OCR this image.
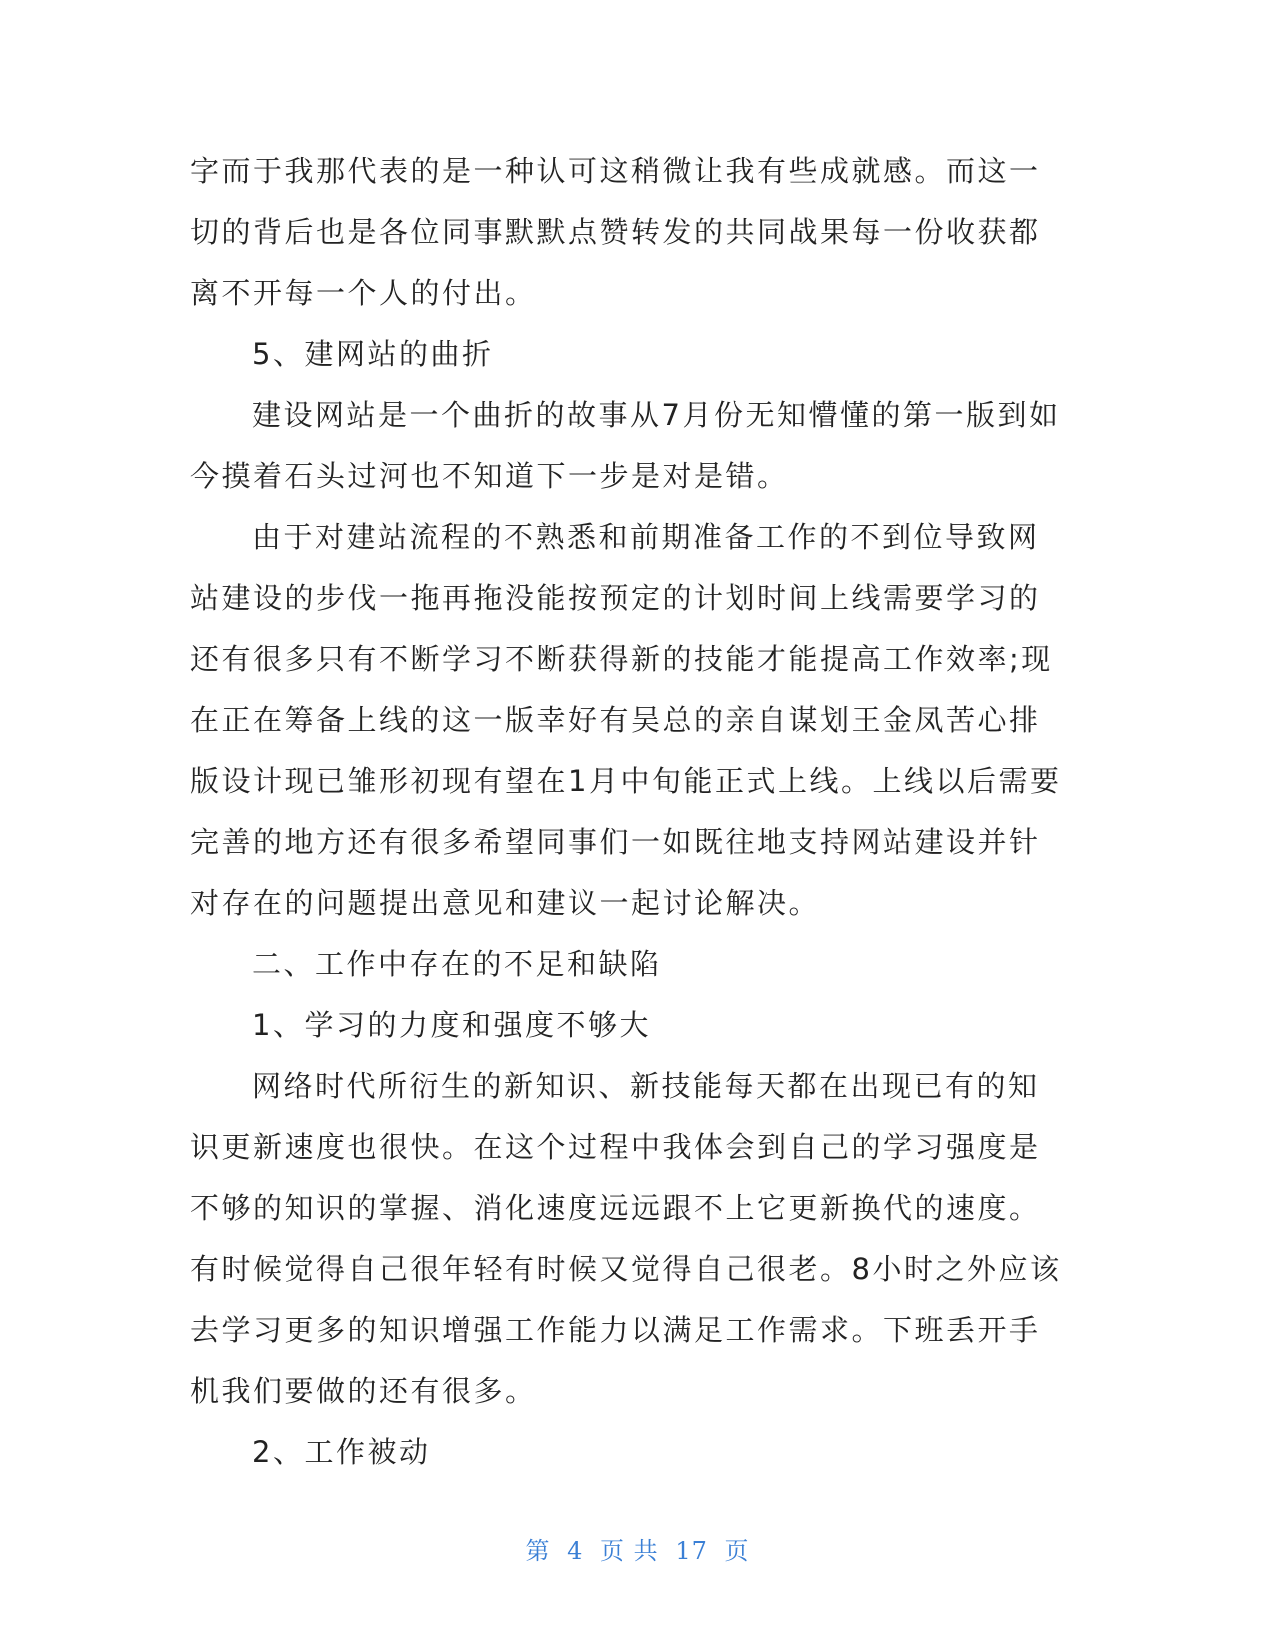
字而于我那代表的是一种认可这稍微让我有些成就感。而这一切的背后也是各位同事默默点赞转发的共同战果每一份收获都离不开每一个人的付出。

5、建网站的曲折

建设网站是一个曲折的故事从7月份无知懵懂的第一版到如今摸着石头过河也不知道下一步是对是错。

由于对建站流程的不熟悉和前期准备工作的不到位导致网站建设的步伐一拖再拖没能按预定的计划时间上线需要学习的还有很多只有不断学习不断获得新的技能才能提高工作效率;现在正在筹备上线的这一版幸好有吴总的亲自谋划王金凤苦心排版设计现已雏形初现有望在1月中旬能正式上线。上线以后需要完善的地方还有很多希望同事们一如既往地支持网站建设并针对存在的问题提出意见和建议一起讨论解决。

二、工作中存在的不足和缺陷

1、学习的力度和强度不够大

网络时代所衍生的新知识、新技能每天都在出现已有的知识更新速度也很快。在这个过程中我体会到自己的学习强度是不够的知识的掌握、消化速度远远跟不上它更新换代的速度。有时候觉得自己很年轻有时候又觉得自己很老。8小时之外应该去学习更多的知识增强工作能力以满足工作需求。下班丢开手机我们要做的还有很多。

2、工作被动

第 4 页 共 17 页
